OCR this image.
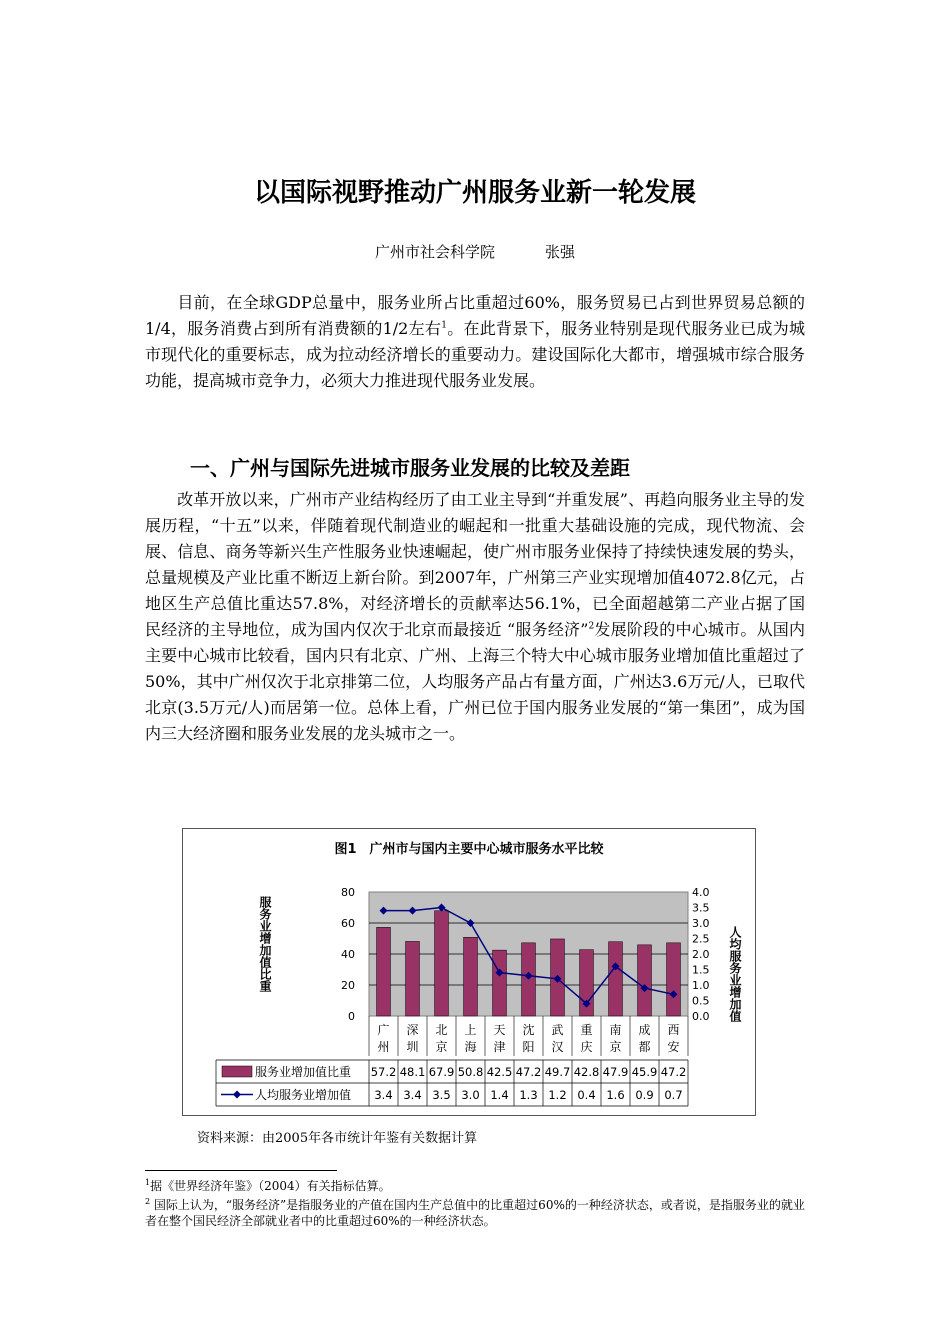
以国际视野推动广州服务业新一轮发展
广州市社会科学院	张强

目前，在全球GDP总量中，服务业所占比重超过60%，服务贸易已占到世界贸易总额的1/4，服务消费占到所有消费额的1/2左右$^1$。在此背景下，服务业特别是现代服务业已成为城市现代化的重要标志，成为拉动经济增长的重要动力。建设国际化大都市，增强城市综合服务功能，提高城市竞争力，必须大力推进现代服务业发展。

一、广州与国际先进城市服务业发展的比较及差距

改革开放以来，广州市产业结构经历了由工业主导到“并重发展”、再趋向服务业主导的发展历程，“十五”以来，伴随着现代制造业的崛起和一批重大基础设施的完成，现代物流、会展、信息、商务等新兴生产性服务业快速崛起，使广州市服务业保持了持续快速发展的势头，总量规模及产业比重不断迈上新台阶。到2007年，广州第三产业实现增加值4072.8亿元，占地区生产总值比重达57.8%，对经济增长的贡献率达56.1%，已全面超越第二产业占据了国民经济的主导地位，成为国内仅次于北京而最接近 “服务经济”$^2$发展阶段的中心城市。从国内主要中心城市比较看，国内只有北京、广州、上海三个特大中心城市服务业增加值比重超过了50%，其中广州仅次于北京排第二位，人均服务产品占有量方面，广州达3.6万元/人，已取代北京(3.5万元/人)而居第一位。总体上看，广州已位于国内服务业发展的“第一集团”，成为国内三大经济圈和服务业发展的龙头城市之一。

图1　广州市与国内主要中心城市服务水平比较
0
20
40
60
80
0.0
0.5
1.0
1.5
2.0
2.5
3.0
3.5
4.0
服务业增加值比重	人均服务业增加值
广州
深圳
北京
上海
天津
沈阳
武汉
重庆
南京
成都
西安
服务业增加值比重
人均服务业增加值
57.2 48.1 67.9 50.8 42.5 47.2 49.7 42.8 47.9 45.9 47.2
3.4 3.4 3.5 3.0 1.4 1.3 1.2 0.4 1.6 0.9 0.7
资料来源：由2005年各市统计年鉴有关数据计算
$^1$据《世界经济年鉴》（2004）有关指标估算。
$^2$ 国际上认为，“服务经济”是指服务业的产值在国内生产总值中的比重超过60%的一种经济状态，或者说，是指服务业的就业者在整个国民经济全部就业者中的比重超过60%的一种经济状态。
